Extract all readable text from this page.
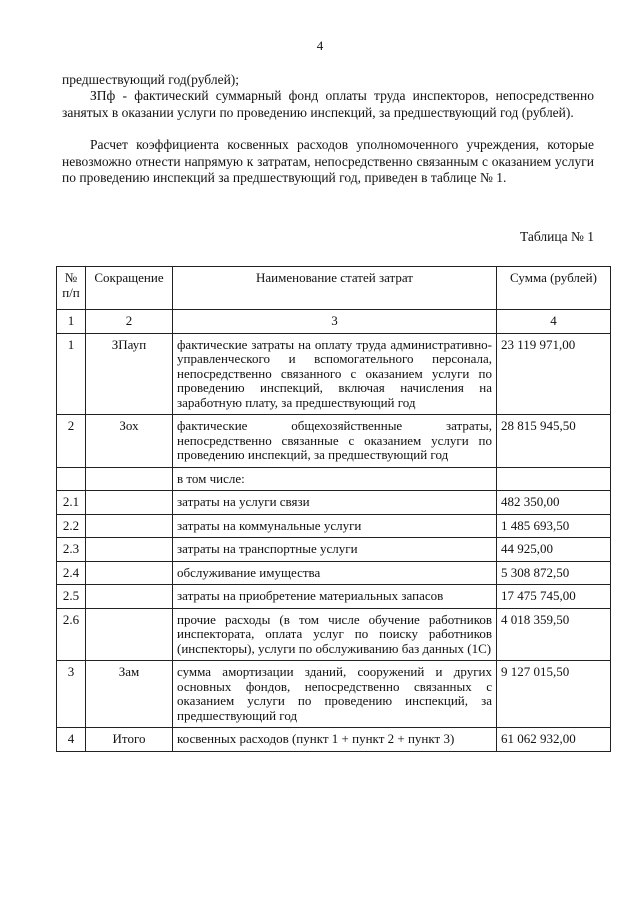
4
предшествующий год(рублей);
ЗПф - фактический суммарный фонд оплаты труда инспекторов, непосредственно занятых в оказании услуги по проведению инспекций, за предшествующий год (рублей).
Расчет коэффициента косвенных расходов уполномоченного учреждения, которые невозможно отнести напрямую к затратам, непосредственно связанным с оказанием услуги по проведению инспекций за предшествующий год, приведен в таблице № 1.
Таблица № 1
№ п/п	Сокращение	Наименование статей затрат	Сумма (рублей)
1	2	3	4
1	ЗПауп	фактические затраты на оплату труда административно-управленческого и вспомогательного персонала, непосредственно связанного с оказанием услуги по проведению инспекций, включая начисления на заработную плату, за предшествующий год	23 119 971,00
2	Зох	фактические общехозяйственные затраты, непосредственно связанные с оказанием услуги по проведению инспекций, за предшествующий год	28 815 945,50
		в том числе:	
2.1		затраты на услуги связи	482 350,00
2.2		затраты на коммунальные услуги	1 485 693,50
2.3		затраты на транспортные услуги	44 925,00
2.4		обслуживание имущества	5 308 872,50
2.5		затраты на приобретение материальных запасов	17 475 745,00
2.6		прочие расходы (в том числе обучение работников инспектората, оплата услуг по поиску работников (инспекторы), услуги по обслуживанию баз данных (1С)	4 018 359,50
3	Зам	сумма амортизации зданий, сооружений и других основных фондов, непосредственно связанных с оказанием услуги по проведению инспекций, за предшествующий год	9 127 015,50
4	Итого	косвенных расходов (пункт 1 + пункт 2 + пункт 3)	61 062 932,00
